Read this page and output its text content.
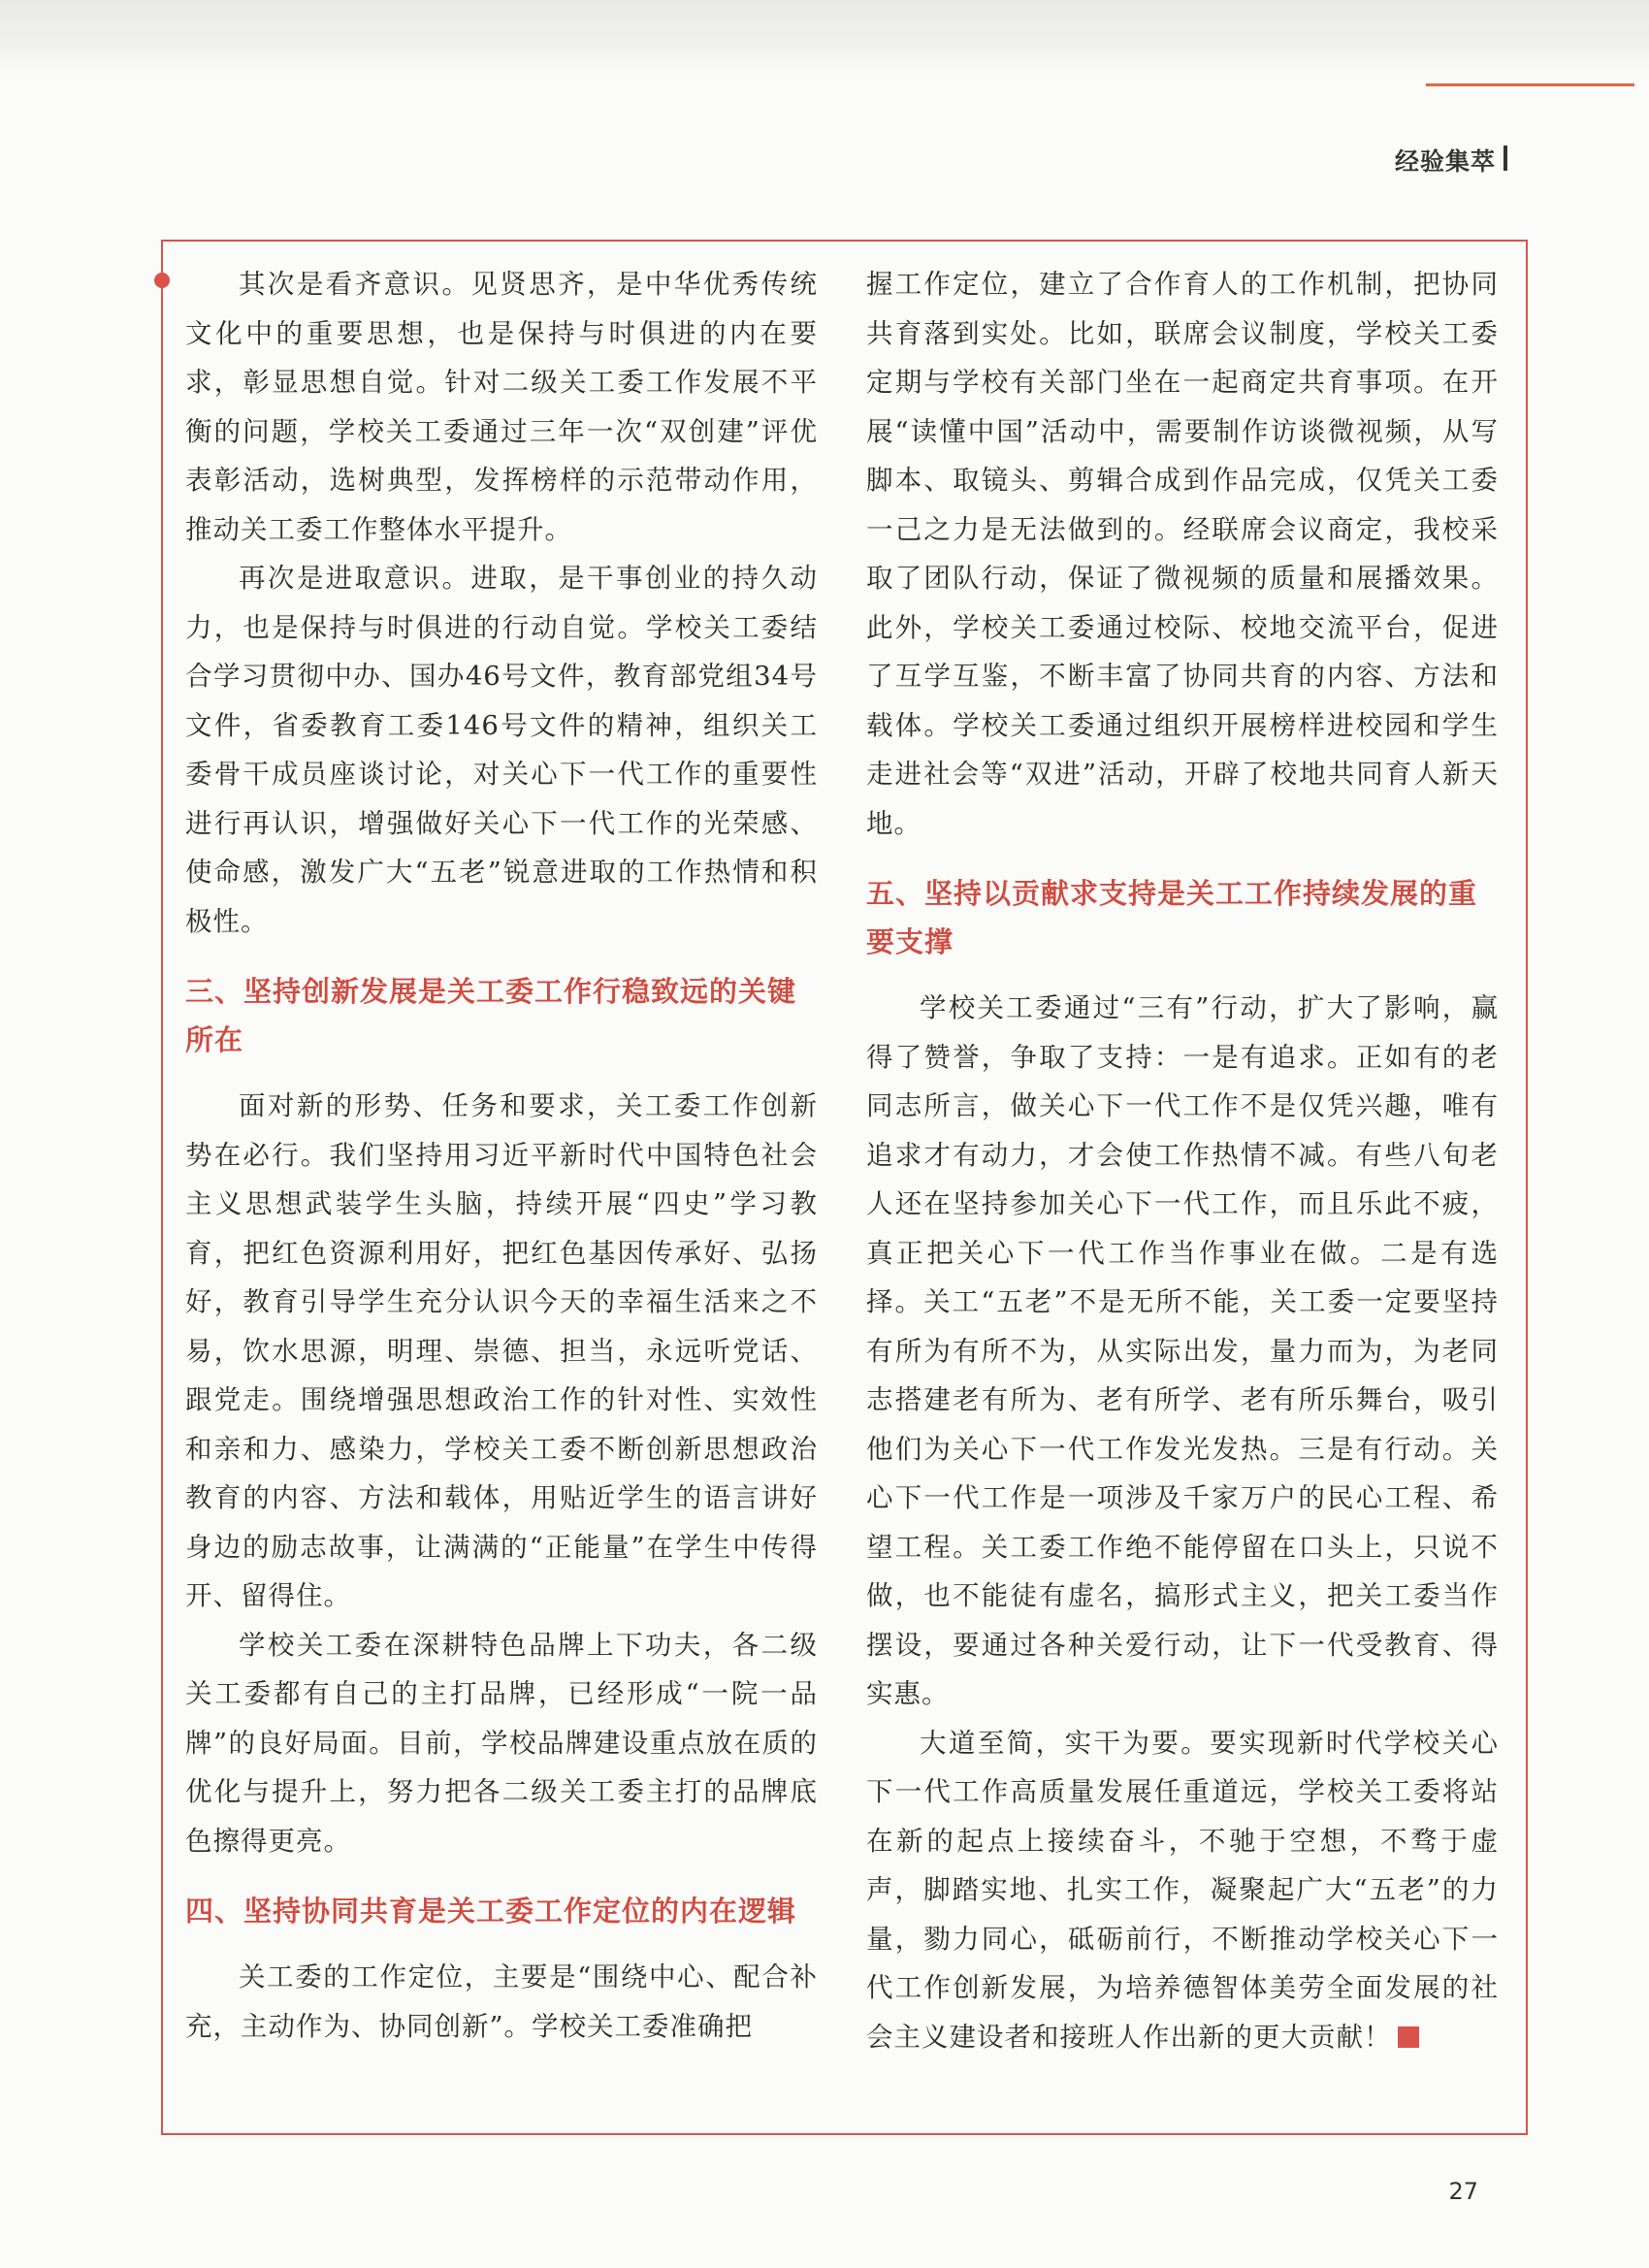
经验集萃

其次是看齐意识。见贤思齐，是中华优秀传统文化中的重要思想，也是保持与时俱进的内在要求，彰显思想自觉。针对二级关工委工作发展不平衡的问题，学校关工委通过三年一次“双创建”评优表彰活动，选树典型，发挥榜样的示范带动作用，推动关工委工作整体水平提升。

再次是进取意识。进取，是干事创业的持久动力，也是保持与时俱进的行动自觉。学校关工委结合学习贯彻中办、国办46号文件，教育部党组34号文件，省委教育工委146号文件的精神，组织关工委骨干成员座谈讨论，对关心下一代工作的重要性进行再认识，增强做好关心下一代工作的光荣感、使命感，激发广大“五老”锐意进取的工作热情和积极性。

三、坚持创新发展是关工委工作行稳致远的关键所在

面对新的形势、任务和要求，关工委工作创新势在必行。我们坚持用习近平新时代中国特色社会主义思想武装学生头脑，持续开展“四史”学习教育，把红色资源利用好，把红色基因传承好、弘扬好，教育引导学生充分认识今天的幸福生活来之不易，饮水思源，明理、崇德、担当，永远听党话、跟党走。围绕增强思想政治工作的针对性、实效性和亲和力、感染力，学校关工委不断创新思想政治教育的内容、方法和载体，用贴近学生的语言讲好身边的励志故事，让满满的“正能量”在学生中传得开、留得住。

学校关工委在深耕特色品牌上下功夫，各二级关工委都有自己的主打品牌，已经形成“一院一品牌”的良好局面。目前，学校品牌建设重点放在质的优化与提升上，努力把各二级关工委主打的品牌底色擦得更亮。

四、坚持协同共育是关工委工作定位的内在逻辑

关工委的工作定位，主要是“围绕中心、配合补充，主动作为、协同创新”。学校关工委准确把

握工作定位，建立了合作育人的工作机制，把协同共育落到实处。比如，联席会议制度，学校关工委定期与学校有关部门坐在一起商定共育事项。在开展“读懂中国”活动中，需要制作访谈微视频，从写脚本、取镜头、剪辑合成到作品完成，仅凭关工委一己之力是无法做到的。经联席会议商定，我校采取了团队行动，保证了微视频的质量和展播效果。此外，学校关工委通过校际、校地交流平台，促进了互学互鉴，不断丰富了协同共育的内容、方法和载体。学校关工委通过组织开展榜样进校园和学生走进社会等“双进”活动，开辟了校地共同育人新天地。

五、坚持以贡献求支持是关工工作持续发展的重要支撑

学校关工委通过“三有”行动，扩大了影响，赢得了赞誉，争取了支持：一是有追求。正如有的老同志所言，做关心下一代工作不是仅凭兴趣，唯有追求才有动力，才会使工作热情不减。有些八旬老人还在坚持参加关心下一代工作，而且乐此不疲，真正把关心下一代工作当作事业在做。二是有选择。关工“五老”不是无所不能，关工委一定要坚持有所为有所不为，从实际出发，量力而为，为老同志搭建老有所为、老有所学、老有所乐舞台，吸引他们为关心下一代工作发光发热。三是有行动。关心下一代工作是一项涉及千家万户的民心工程、希望工程。关工委工作绝不能停留在口头上，只说不做，也不能徒有虚名，搞形式主义，把关工委当作摆设，要通过各种关爱行动，让下一代受教育、得实惠。

大道至简，实干为要。要实现新时代学校关心下一代工作高质量发展任重道远，学校关工委将站在新的起点上接续奋斗，不驰于空想，不骛于虚声，脚踏实地、扎实工作，凝聚起广大“五老”的力量，勠力同心，砥砺前行，不断推动学校关心下一代工作创新发展，为培养德智体美劳全面发展的社会主义建设者和接班人作出新的更大贡献！

27
